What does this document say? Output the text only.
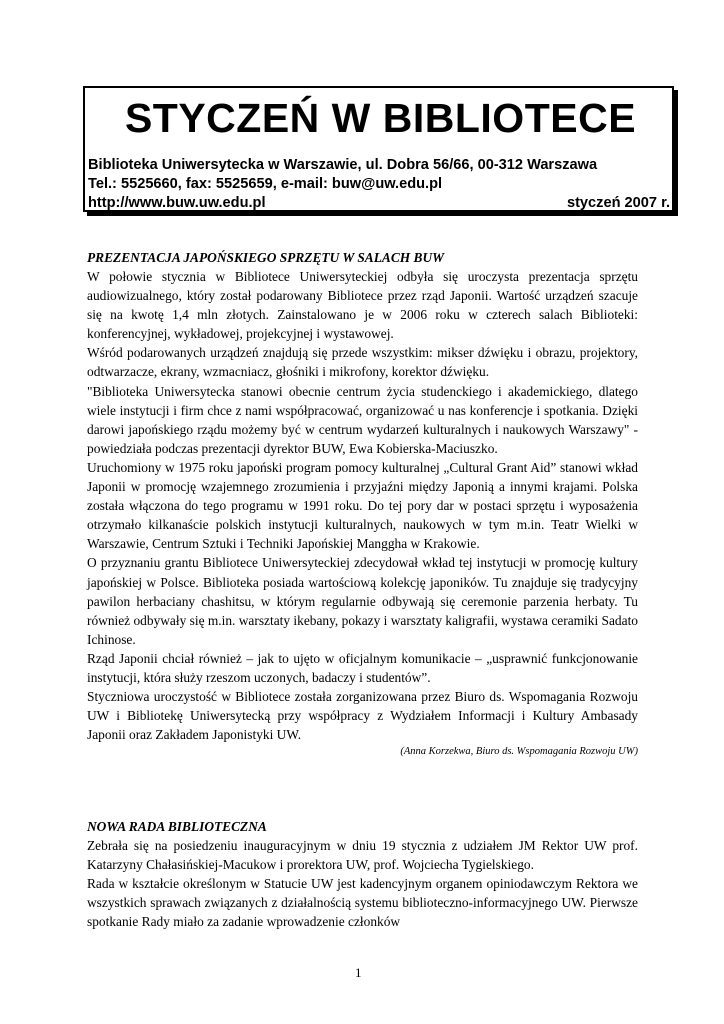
STYCZEŃ W BIBLIOTECE
Biblioteka Uniwersytecka w Warszawie, ul. Dobra 56/66, 00-312 Warszawa
Tel.: 5525660, fax: 5525659, e-mail: buw@uw.edu.pl
http://www.buw.uw.edu.pl	styczeń 2007 r.
PREZENTACJA JAPOŃSKIEGO SPRZĘTU W SALACH BUW

W połowie stycznia w Bibliotece Uniwersyteckiej odbyła się uroczysta prezentacja sprzętu audiowizualnego, który został podarowany Bibliotece przez rząd Japonii. Wartość urządzeń szacuje się na kwotę 1,4 mln złotych. Zainstalowano je w 2006 roku w czterech salach Biblioteki: konferencyjnej, wykładowej, projekcyjnej i wystawowej.

Wśród podarowanych urządzeń znajdują się przede wszystkim: mikser dźwięku i obrazu, projektory, odtwarzacze, ekrany, wzmacniacz, głośniki i mikrofony, korektor dźwięku.

"Biblioteka Uniwersytecka stanowi obecnie centrum życia studenckiego i akademickiego, dlatego wiele instytucji i firm chce z nami współpracować, organizować u nas konferencje i spotkania. Dzięki darowi japońskiego rządu możemy być w centrum wydarzeń kulturalnych i naukowych Warszawy" - powiedziała podczas prezentacji dyrektor BUW, Ewa Kobierska-Maciuszko.

Uruchomiony w 1975 roku japoński program pomocy kulturalnej „Cultural Grant Aid” stanowi wkład Japonii w promocję wzajemnego zrozumienia i przyjaźni między Japonią a innymi krajami. Polska została włączona do tego programu w 1991 roku. Do tej pory dar w postaci sprzętu i wyposażenia otrzymało kilkanaście polskich instytucji kulturalnych, naukowych w tym m.in. Teatr Wielki w Warszawie, Centrum Sztuki i Techniki Japońskiej Manggha w Krakowie.

O przyznaniu grantu Bibliotece Uniwersyteckiej zdecydował wkład tej instytucji w promocję kultury japońskiej w Polsce. Biblioteka posiada wartościową kolekcję japoników. Tu znajduje się tradycyjny pawilon herbaciany chashitsu, w którym regularnie odbywają się ceremonie parzenia herbaty. Tu również odbywały się m.in. warsztaty ikebany, pokazy i warsztaty kaligrafii, wystawa ceramiki Sadato Ichinose.

Rząd Japonii chciał również – jak to ujęto w oficjalnym komunikacie – „usprawnić funkcjonowanie instytucji, która służy rzeszom uczonych, badaczy i studentów”.

Styczniowa uroczystość w Bibliotece została zorganizowana przez Biuro ds. Wspomagania Rozwoju UW i Bibliotekę Uniwersytecką przy współpracy z Wydziałem Informacji i Kultury Ambasady Japonii oraz Zakładem Japonistyki UW.

(Anna Korzekwa, Biuro ds. Wspomagania Rozwoju UW)
NOWA RADA BIBLIOTECZNA

Zebrała się na posiedzeniu inauguracyjnym w dniu 19 stycznia z udziałem JM Rektor UW prof. Katarzyny Chałasińskiej-Macukow i prorektora UW, prof. Wojciecha Tygielskiego.

Rada w kształcie określonym w Statucie UW jest kadencyjnym organem opiniodawczym Rektora we wszystkich sprawach związanych z działalnością systemu biblioteczno-informacyjnego UW. Pierwsze spotkanie Rady miało za zadanie wprowadzenie członków

1
